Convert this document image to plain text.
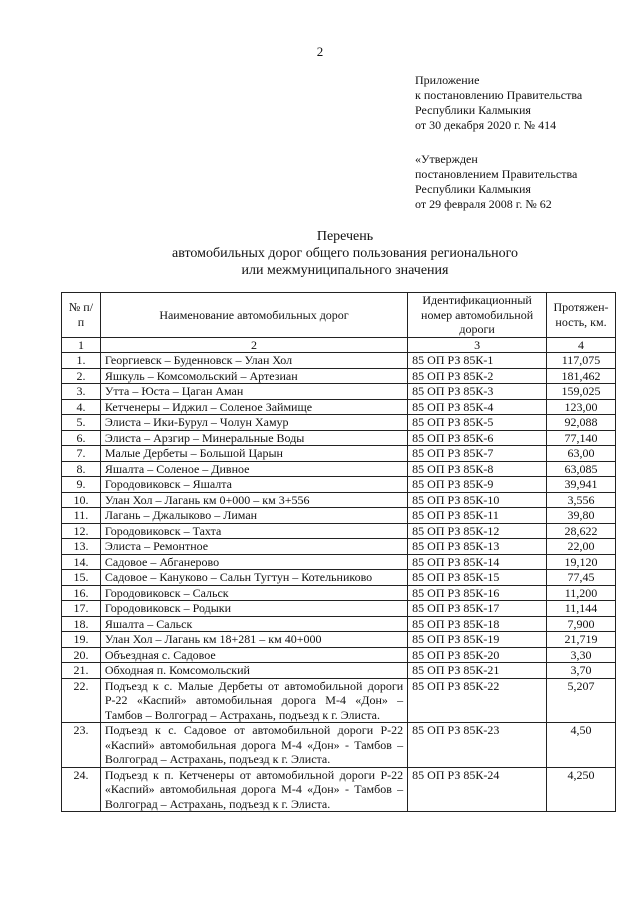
2
Приложение
к постановлению Правительства
Республики Калмыкия
от 30 декабря 2020 г. № 414
«Утвержден
постановлением Правительства
Республики Калмыкия
от 29 февраля 2008 г. № 62
Перечень
автомобильных дорог общего пользования регионального
или межмуниципального значения
№ п/п	Наименование автомобильных дорог	Идентификационный номер автомобильной дороги	Протяжен-ность, км.
1	2	3	4
1.	Георгиевск – Буденновск – Улан Хол	85 ОП РЗ 85К-1	117,075
2.	Яшкуль – Комсомольский – Артезиан	85 ОП РЗ 85К-2	181,462
3.	Утта – Юста – Цаган Аман	85 ОП РЗ 85К-3	159,025
4.	Кетченеры – Иджил – Соленое Займище	85 ОП РЗ 85К-4	123,00
5.	Элиста – Ики-Бурул – Чолун Хамур	85 ОП РЗ 85К-5	92,088
6.	Элиста – Арзгир – Минеральные Воды	85 ОП РЗ 85К-6	77,140
7.	Малые Дербеты – Большой Царын	85 ОП РЗ 85К-7	63,00
8.	Яшалта – Соленое – Дивное	85 ОП РЗ 85К-8	63,085
9.	Городовиковск – Яшалта	85 ОП РЗ 85К-9	39,941
10.	Улан Хол – Лагань км 0+000 – км 3+556	85 ОП РЗ 85К-10	3,556
11.	Лагань – Джалыково – Лиман	85 ОП РЗ 85К-11	39,80
12.	Городовиковск – Тахта	85 ОП РЗ 85К-12	28,622
13.	Элиста – Ремонтное	85 ОП РЗ 85К-13	22,00
14.	Садовое – Абганерово	85 ОП РЗ 85К-14	19,120
15.	Садовое – Кануково – Сальн Тугтун – Котельниково	85 ОП РЗ 85К-15	77,45
16.	Городовиковск – Сальск	85 ОП РЗ 85К-16	11,200
17.	Городовиковск – Родыки	85 ОП РЗ 85К-17	11,144
18.	Яшалта – Сальск	85 ОП РЗ 85К-18	7,900
19.	Улан Хол – Лагань км 18+281 – км 40+000	85 ОП РЗ 85К-19	21,719
20.	Объездная с. Садовое	85 ОП РЗ 85К-20	3,30
21.	Обходная п. Комсомольский	85 ОП РЗ 85К-21	3,70
22.	Подъезд к с. Малые Дербеты от автомобильной дороги Р-22 «Каспий» автомобильная дорога М-4 «Дон» – Тамбов – Волгоград – Астрахань, подъезд к г. Элиста.	85 ОП РЗ 85К-22	5,207
23.	Подъезд к с. Садовое от автомобильной дороги Р-22 «Каспий» автомобильная дорога М-4 «Дон» - Тамбов – Волгоград – Астрахань, подъезд к г. Элиста.	85 ОП РЗ 85К-23	4,50
24.	Подъезд к п. Кетченеры от автомобильной дороги Р-22 «Каспий» автомобильная дорога М-4 «Дон» - Тамбов – Волгоград – Астрахань, подъезд к г. Элиста.	85 ОП РЗ 85К-24	4,250
